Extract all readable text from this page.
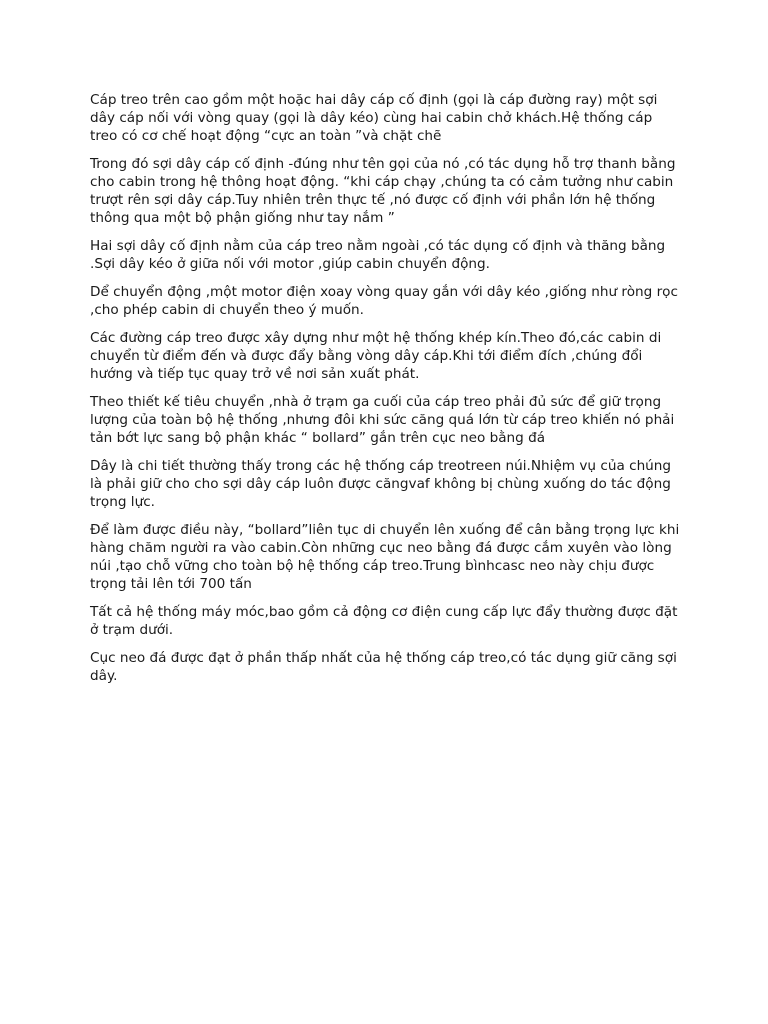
Cáp treo trên cao gồm một hoặc hai dây cáp cố định (gọi là cáp đường ray) một sợi dây cáp nối với vòng quay (gọi là dây kéo) cùng hai cabin chở khách.Hệ thống cáp treo có cơ chế hoạt động “cực an toàn ”và chặt chẽ

Trong đó sợi dây cáp cố định -đúng như tên gọi của nó ,có tác dụng hỗ trợ thanh bằng cho cabin trong hệ thông hoạt động. “khi cáp chạy ,chúng ta có cảm tưởng như cabin trượt rên sợi dây cáp.Tuy nhiên trên thực tế ,nó được cố định với phần lớn hệ thống thông qua một bộ phận giống như tay nắm ”

Hai sợi dây cố định nằm của cáp treo nằm ngoài ,có tác dụng cố định và thăng bằng .Sợi dây kéo ở giữa nối với motor ,giúp cabin chuyển động.

Dể chuyển động ,một motor điện xoay vòng quay gắn với dây kéo ,giống như ròng rọc ,cho phép cabin di chuyển theo ý muốn.

Các đường cáp treo được xây dựng như một hệ thống khép kín.Theo đó,các cabin di chuyển từ điểm đến và được đẩy bằng vòng dây cáp.Khi tới điểm đích ,chúng đổi hướng và tiếp tục quay trở về nơi sản xuất phát.

Theo thiết kế tiêu chuyển ,nhà ở trạm ga cuối của cáp treo phải đủ sức để giữ trọng lượng của toàn bộ hệ thống ,nhưng đôi khi sức căng quá lớn từ cáp treo khiến nó phải tản bớt lực sang bộ phận khác “ bollard” gắn trên cục neo bằng đá

Dây là chi tiết thường thấy trong các hệ thống cáp treotreen núi.Nhiệm vụ của chúng là phải giữ cho cho sợi dây cáp luôn được căngvaf không bị chùng xuống do tác động trọng lực.

Để làm được điều này, “bollard”liên tục di chuyển lên xuống để cân bằng trọng lực khi hàng chăm người ra vào cabin.Còn những cục neo bằng đá được cắm xuyên vào lòng núi ,tạo chỗ vững cho toàn bộ hệ thống cáp treo.Trung bìnhcasc neo này chịu được trọng tải lên tới 700 tấn

Tất cả hệ thống máy móc,bao gồm cả động cơ điện cung cấp lực đẩy thường được đặt ở trạm dưới.

Cục neo đá được đạt ở phần thấp nhất của hệ thống cáp treo,có tác dụng giữ căng sợi dây.
